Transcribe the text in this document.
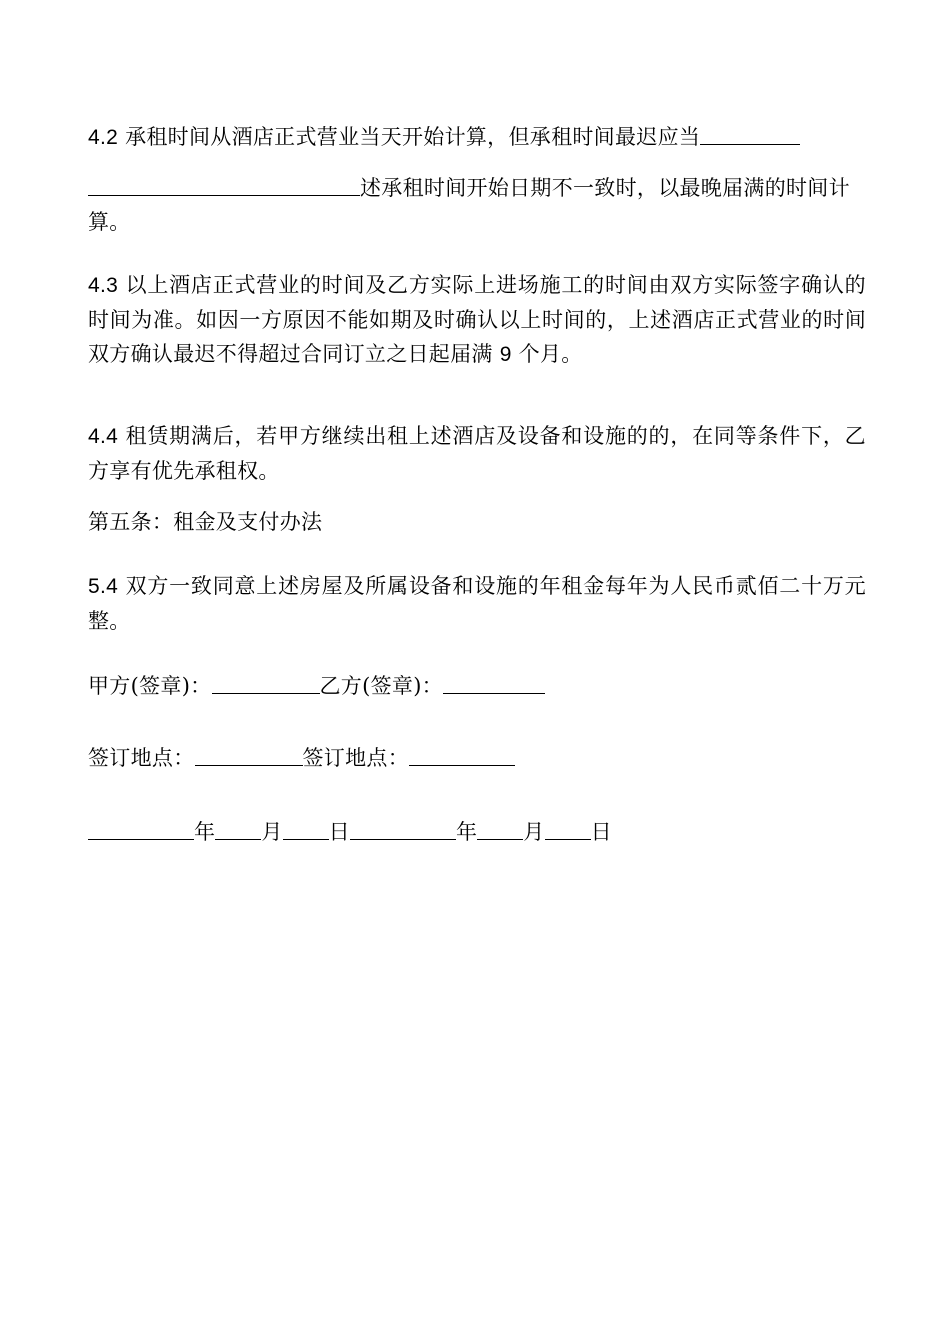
4.2 承租时间从酒店正式营业当天开始计算，但承租时间最迟应当
述承租时间开始日期不一致时，以最晚届满的时间计算。
4.3 以上酒店正式营业的时间及乙方实际上进场施工的时间由双方实际签字确认的时间为准。如因一方原因不能如期及时确认以上时间的，上述酒店正式营业的时间双方确认最迟不得超过合同订立之日起届满 9 个月。
4.4 租赁期满后，若甲方继续出租上述酒店及设备和设施的的，在同等条件下，乙方享有优先承租权。
第五条：租金及支付办法
5.4 双方一致同意上述房屋及所属设备和设施的年租金每年为人民币贰佰二十万元整。
甲方(签章)：	乙方(签章)：
签订地点：	签订地点：
年 月 日	年 月 日
